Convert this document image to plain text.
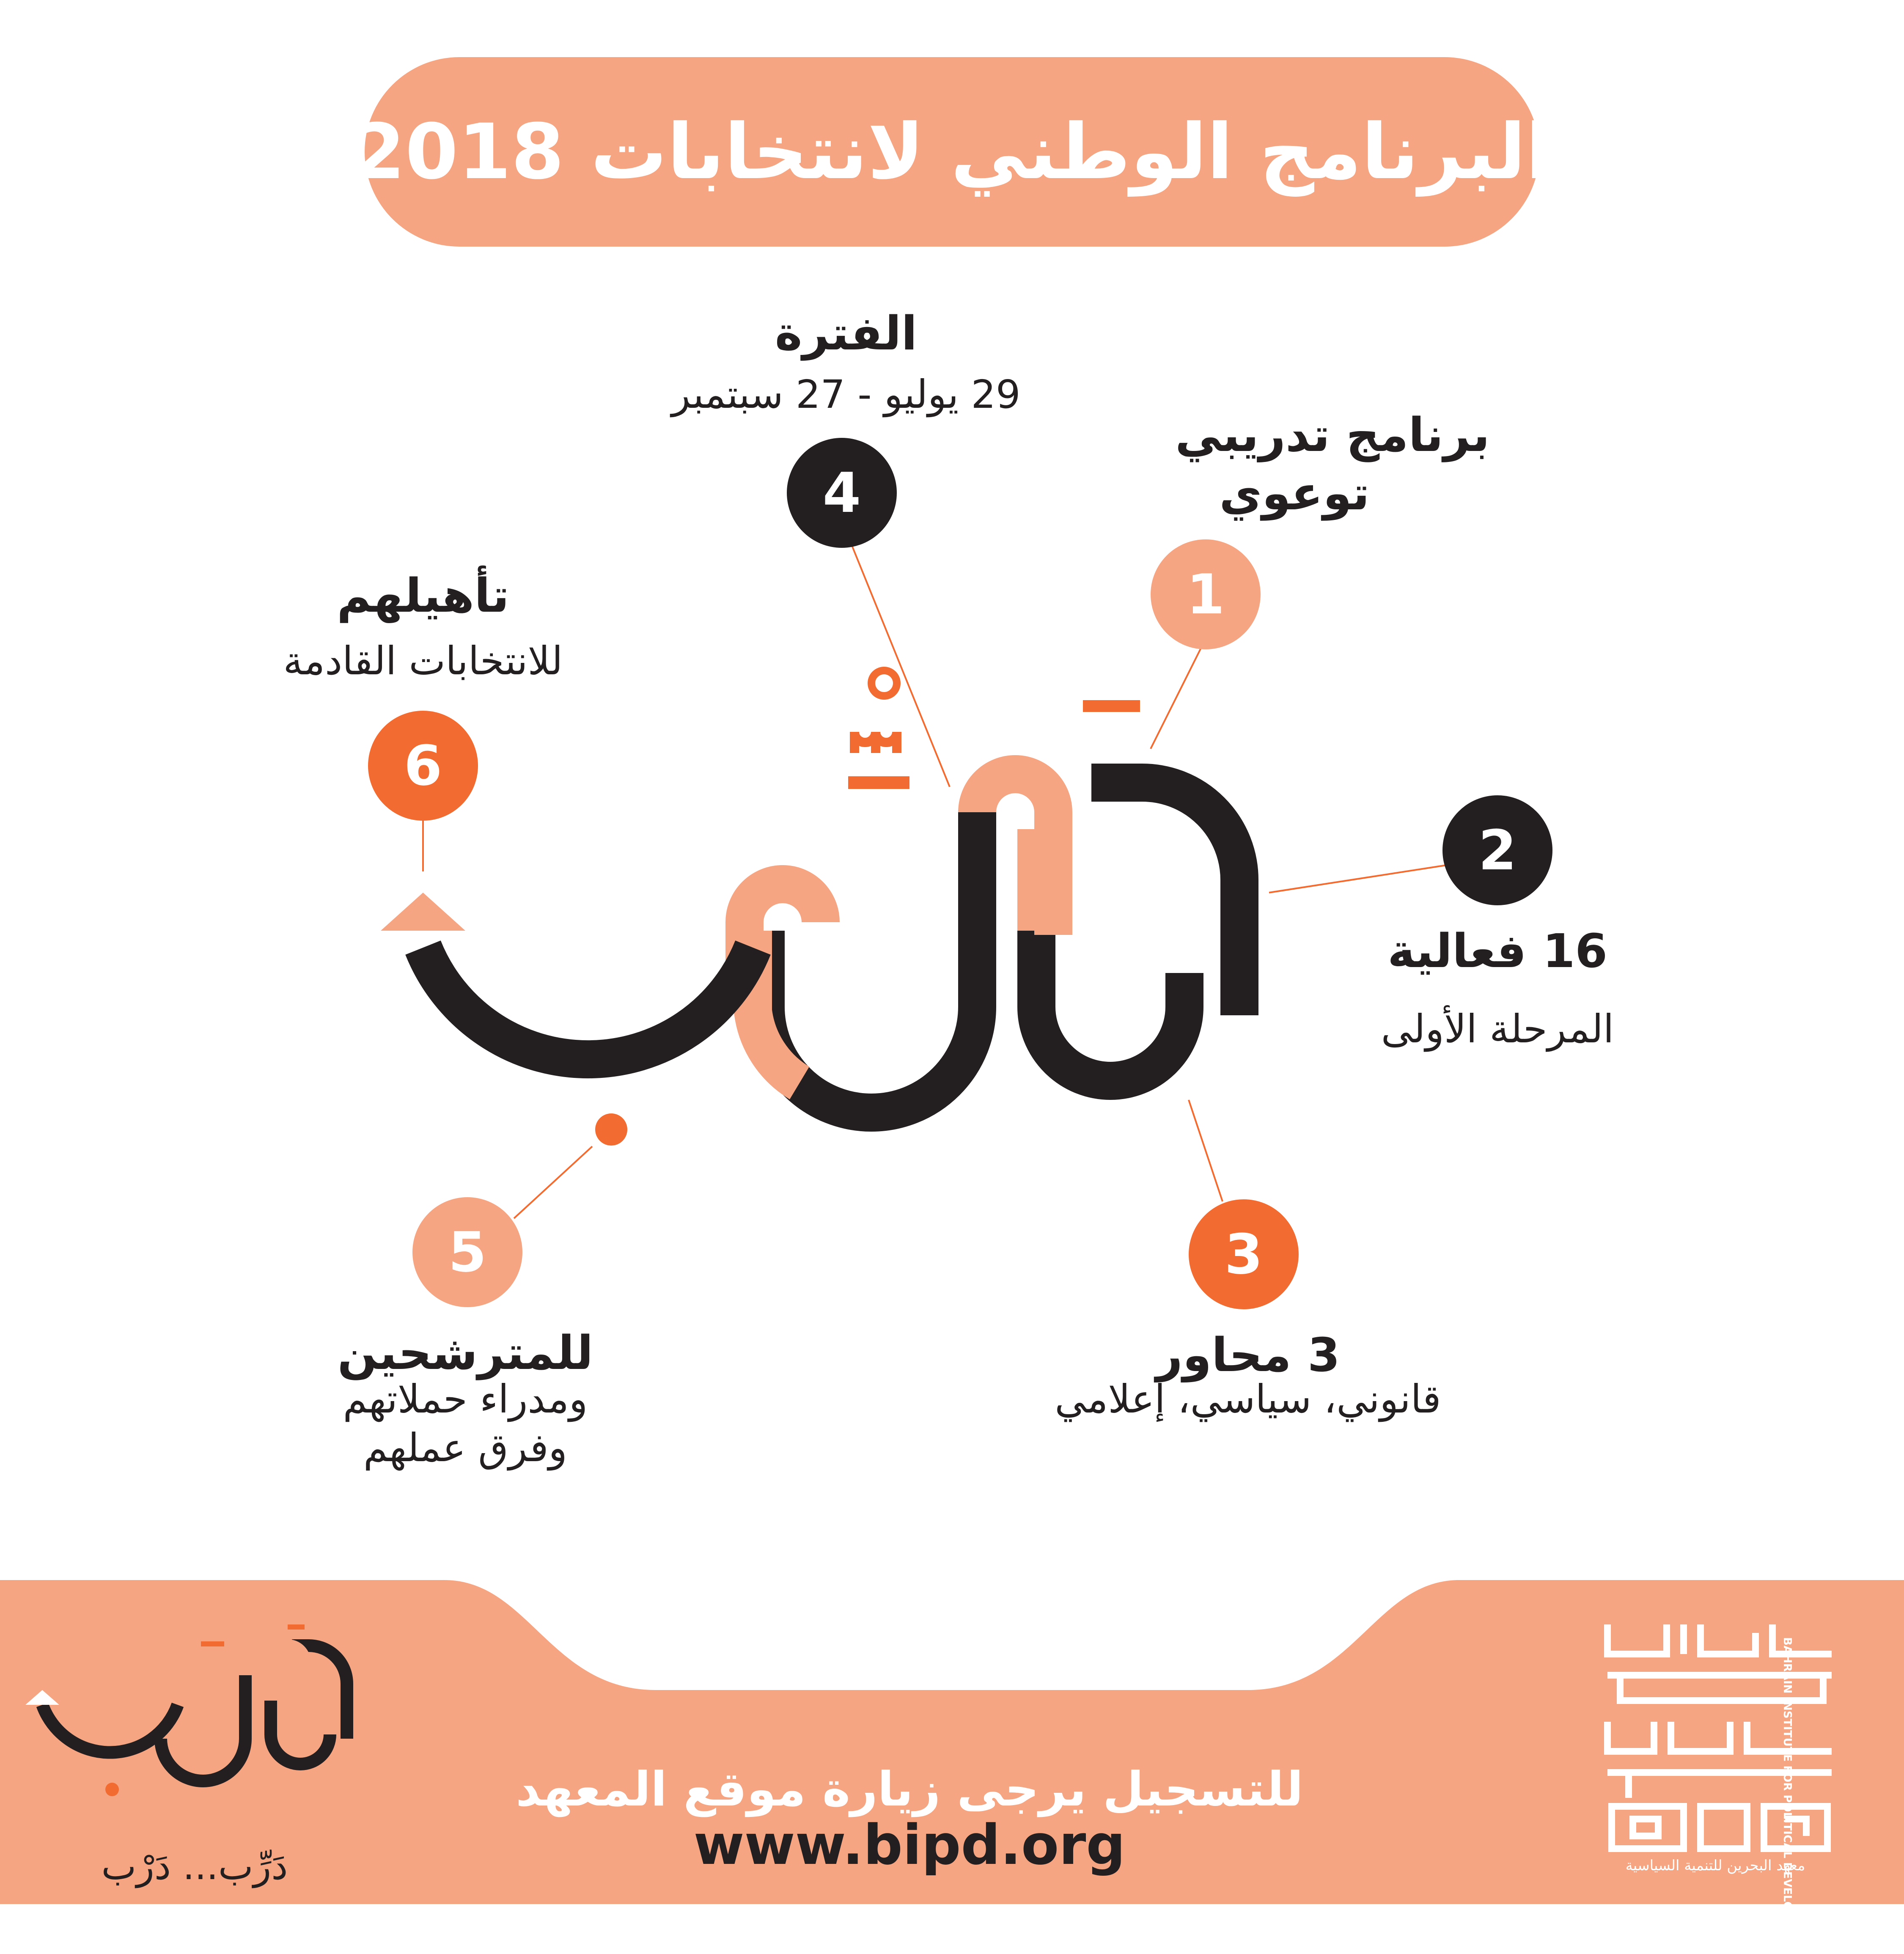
البرنامج الوطني لانتخابات 2018
1
برنامج تدريبي
توعوي
2
16 فعالية
المرحلة الأولى
3
3 محاور
قانوني، سياسي، إعلامي
4
الفترة
29 يوليو - 27 سبتمبر
5
للمترشحين
ومدراء حملاتهم
وفرق عملهم
6
تأهيلهم
للانتخابات القادمة
دَرِّب... دَرْب
للتسجيل يرجى زيارة موقع المعهد
www.bipd.org	BAHRAIN INSTITUTE FOR POLITICAL DEVELOPMENT
معهد البحرين للتنمية السياسية
